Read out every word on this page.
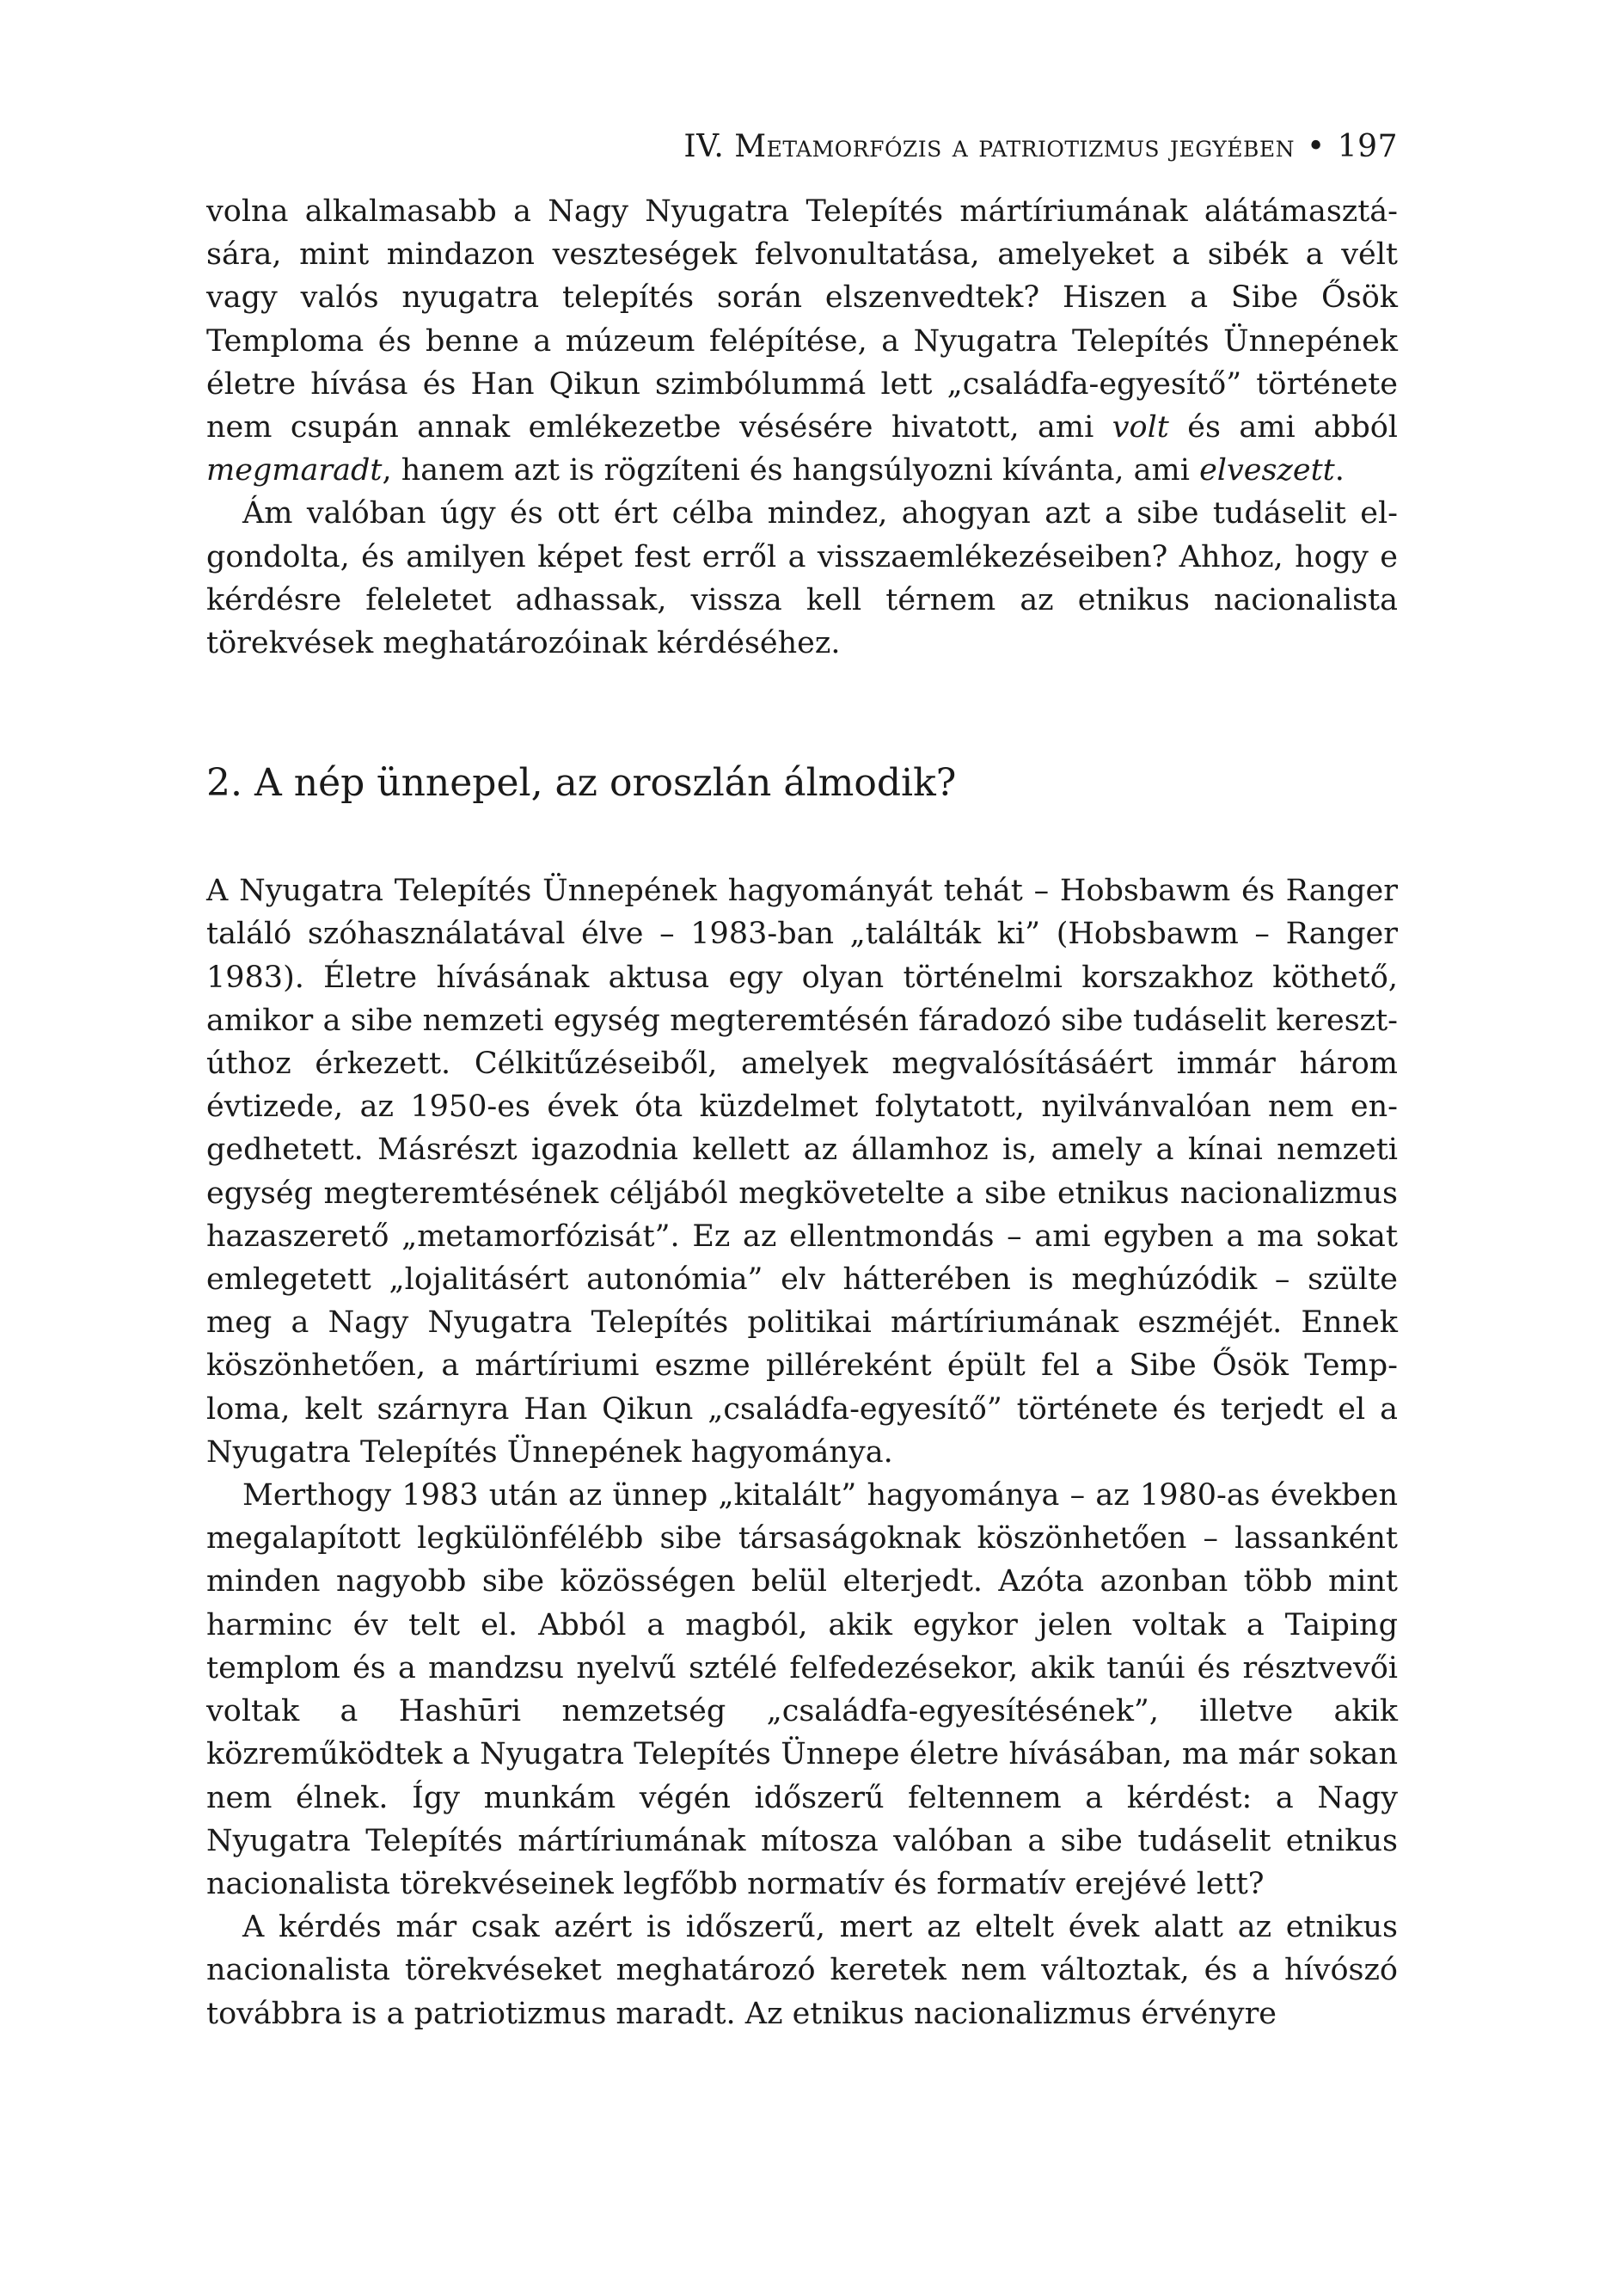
IV. Metamorfózis a patriotizmus jegyében • 197

volna alkalmasabb a Nagy Nyugatra Telepítés mártíriumának alátámasztására, mint mindazon veszteségek felvonultatása, amelyeket a sibék a vélt vagy valós nyugatra telepítés során elszenvedtek? Hiszen a Sibe Ősök Temploma és benne a múzeum felépítése, a Nyugatra Telepítés Ünnepének életre hívása és Han Qikun szimbólummá lett „családfa-egyesítő” története nem csupán annak emlékezetbe vésésére hivatott, ami volt és ami abból megmaradt, hanem azt is rögzíteni és hangsúlyozni kívánta, ami elveszett.

Ám valóban úgy és ott ért célba mindez, ahogyan azt a sibe tudáselit elgondolta, és amilyen képet fest erről a visszaemlékezéseiben? Ahhoz, hogy e kérdésre feleletet adhassak, vissza kell térnem az etnikus nacionalista törekvések meghatározóinak kérdéséhez.

2. A nép ünnepel, az oroszlán álmodik?

A Nyugatra Telepítés Ünnepének hagyományát tehát – Hobsbawm és Ranger találó szóhasználatával élve – 1983-ban „találták ki” (Hobsbawm – Ranger 1983). Életre hívásának aktusa egy olyan történelmi korszakhoz köthető, amikor a sibe nemzeti egység megteremtésén fáradozó sibe tudáselit keresztúthoz érkezett. Célkitűzéseiből, amelyek megvalósításáért immár három évtizede, az 1950-es évek óta küzdelmet folytatott, nyilvánvalóan nem engedhetett. Másrészt igazodnia kellett az államhoz is, amely a kínai nemzeti egység megteremtésének céljából megkövetelte a sibe etnikus nacionalizmus hazaszerető „metamorfózisát”. Ez az ellentmondás – ami egyben a ma sokat emlegetett „lojalitásért autonómia” elv hátterében is meghúzódik – szülte meg a Nagy Nyugatra Telepítés politikai mártíriumának eszméjét. Ennek köszönhetően, a mártíriumi eszme pilléreként épült fel a Sibe Ősök Temploma, kelt szárnyra Han Qikun „családfa-egyesítő” története és terjedt el a Nyugatra Telepítés Ünnepének hagyománya.

Merthogy 1983 után az ünnep „kitalált” hagyománya – az 1980-as években megalapított legkülönfélébb sibe társaságoknak köszönhetően – lassanként minden nagyobb sibe közösségen belül elterjedt. Azóta azonban több mint harminc év telt el. Abból a magból, akik egykor jelen voltak a Taiping templom és a mandzsu nyelvű sztélé felfedezésekor, akik tanúi és résztvevői voltak a Hashūri nemzetség „családfa-egyesítésének”, illetve akik közreműködtek a Nyugatra Telepítés Ünnepe életre hívásában, ma már sokan nem élnek. Így munkám végén időszerű feltennem a kérdést: a Nagy Nyugatra Telepítés mártíriumának mítosza valóban a sibe tudáselit etnikus nacionalista törekvéseinek legfőbb normatív és formatív erejévé lett?

A kérdés már csak azért is időszerű, mert az eltelt évek alatt az etnikus nacionalista törekvéseket meghatározó keretek nem változtak, és a hívószó továbbra is a patriotizmus maradt. Az etnikus nacionalizmus érvényre
